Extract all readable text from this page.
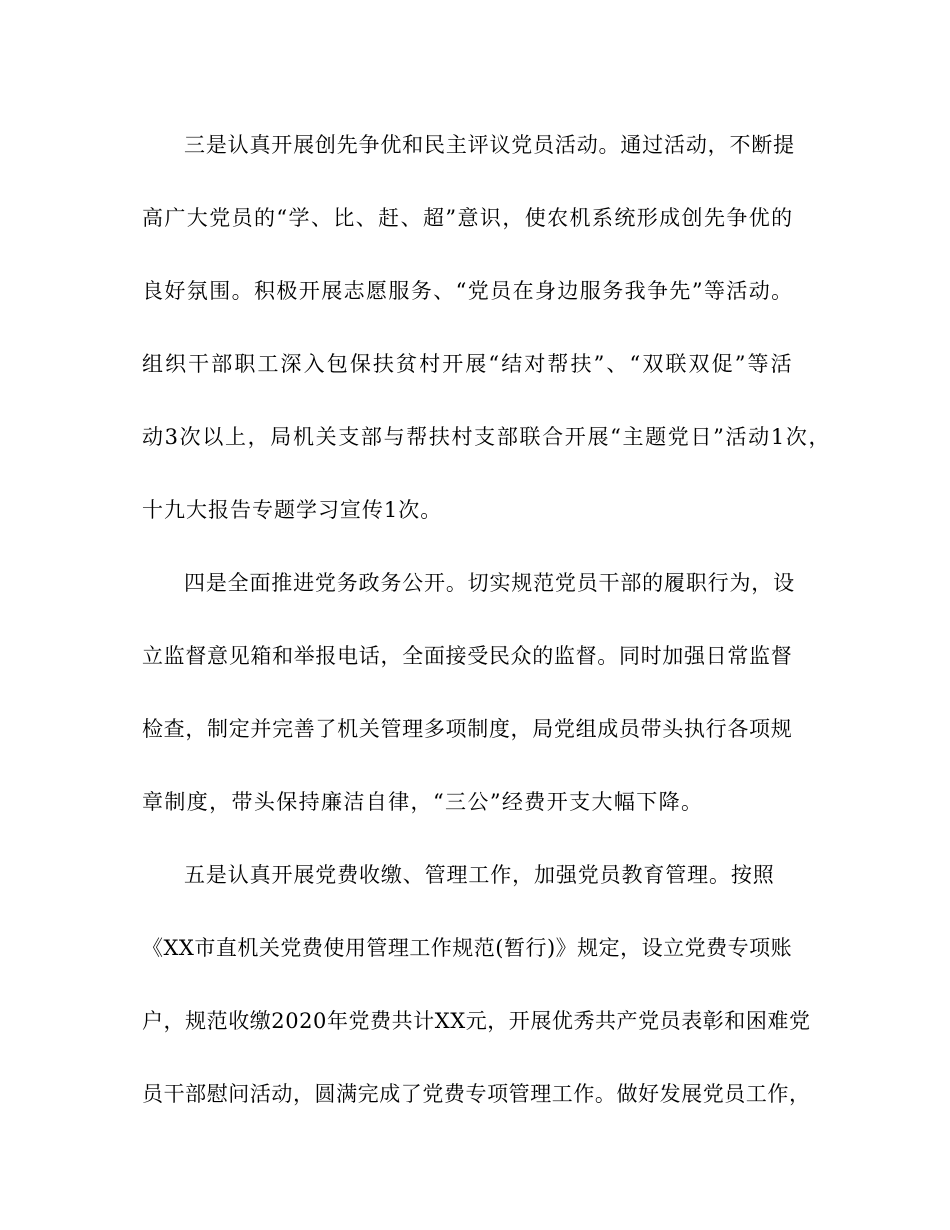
三是认真开展创先争优和民主评议党员活动。通过活动，不断提

高广大党员的“学、比、赶、超”意识，使农机系统形成创先争优的

良好氛围。积极开展志愿服务、“党员在身边服务我争先”等活动。

组织干部职工深入包保扶贫村开展“结对帮扶”、“双联双促”等活

动3次以上，局机关支部与帮扶村支部联合开展“主题党日”活动1次，

十九大报告专题学习宣传1次。

四是全面推进党务政务公开。切实规范党员干部的履职行为，设

立监督意见箱和举报电话，全面接受民众的监督。同时加强日常监督

检查，制定并完善了机关管理多项制度，局党组成员带头执行各项规

章制度，带头保持廉洁自律，“三公”经费开支大幅下降。

五是认真开展党费收缴、管理工作，加强党员教育管理。按照

《XX市直机关党费使用管理工作规范(暂行)》规定，设立党费专项账

户，规范收缴2020年党费共计XX元，开展优秀共产党员表彰和困难党

员干部慰问活动，圆满完成了党费专项管理工作。做好发展党员工作，
